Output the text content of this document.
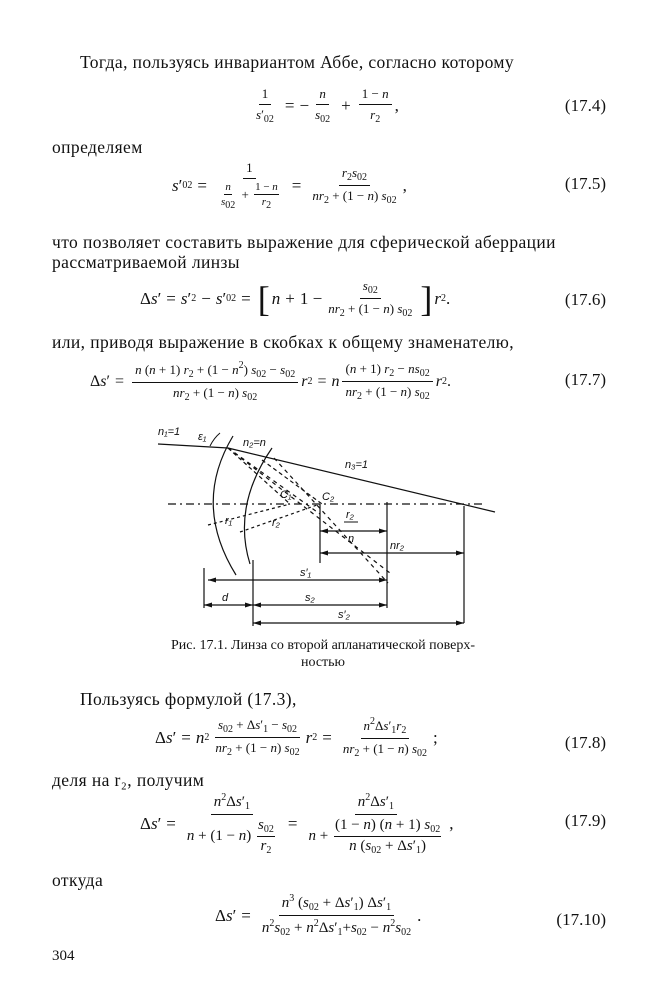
Тогда, пользуясь инвариантом Аббе, согласно которому
$\frac{1}{s'_{02}}$ = − $\frac{n}{s_{02}} + \frac{1 - n}{r_2}$ ,	(17.4)
определяем
s ′ $02 = \frac{1}{\frac{n}{s_{02}} + \frac{1 - n}{r_2}} = \frac{r_2s_{02}}{nr_2 + (1 - n) s_{02}}$ ,	(17.5)
что позволяет составить выражение для сферической аберрации
рассматриваемой линзы
Δ s ′ = s ′ 2 − s ′ 02 = [ $n + 1 - \frac{s_{02}}{nr_2 + (1 - n) s_{02}}$ ] r 2 .	(17.6)
или, приводя выражение в скобках к общему знаменателю,
Δ s ′ = $\frac{n (n + 1) r_2 + (1 - n^2) s_{02} - s_{02}}{nr_2 + (1 - n) s_{02}}$ r 2 = n $\frac{(n + 1) r_2 - ns_{02}}{nr_2 + (1 - n) s_{02}}$ r 2 .	(17.7)
n₁=1 ε₁	n₂=n
n₃=1
C₁	C₂
r₁	r₂
r₂
n
nr₂
s′₁
d	s₂
s′₂
Рис. 17.1. Линза со второй апланатической поверх-
ностью
Пользуясь формулой (17.3),
Δ s ′ = n $2 \frac{s_{02} + \Delta s'_1 - s_{02}}{nr_2 + (1 - n) s_{02}}$ r $2 = \frac{n^2\Delta s'_1r_2}{nr_2 + (1 - n) s_{02}}$ ;	(17.8)
деля на r₂, получим
Δ s ′ = $\frac{n^2\Delta s'_1}{n + (1 - n) \frac{s_{02}}{r_2}} = \frac{n^2\Delta s'_1}{n + \frac{(1 - n) (n + 1) s_{02}}{n (s_{02} + \Delta s'_1)}}$ ,	(17.9)
откуда
Δ s ′ = $\frac{n^3 (s_{02} + \Delta s'_1) \Delta s'_1}{n^2s_{02} + n^2\Delta s'_1+s_{02} - n^2s_{02}}$ .	(17.10)
304
